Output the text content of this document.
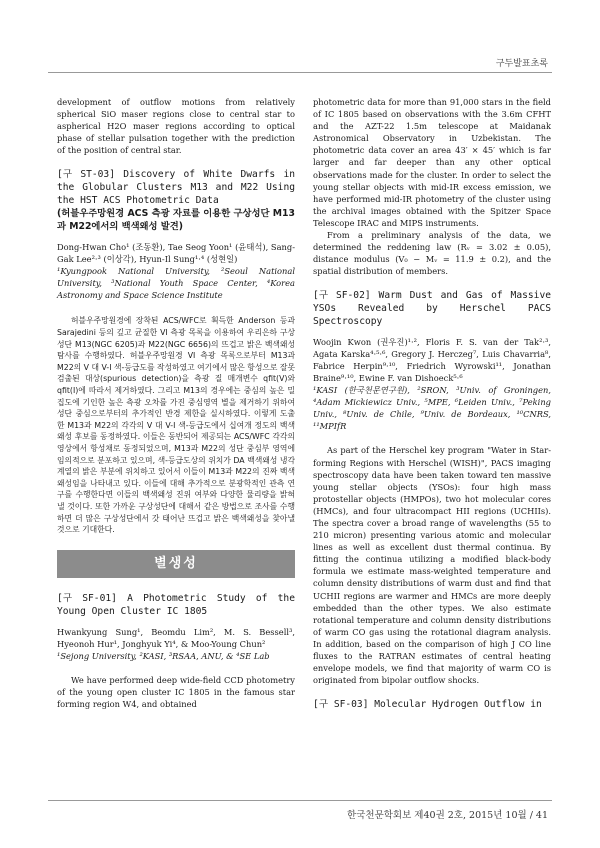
구두발표초록

development of outflow motions from relatively spherical SiO maser regions close to central star to aspherical H2O maser regions according to optical phase of stellar pulsation together with the prediction of the position of central star.

[구 ST-03] Discovery of White Dwarfs in the Globular Clusters M13 and M22 Using the HST ACS Photometric Data

(허블우주망원경 ACS 측광 자료를 이용한 구상성단 M13과 M22에서의 백색왜성 발견)

Dong-Hwan Cho¹ (조동환), Tae Seog Yoon¹ (윤태석), Sang-Gak Lee²·³ (이상각), Hyun-Il Sung¹·⁴ (성현일)

¹Kyungpook National University, ²Seoul National University, ³National Youth Space Center, ⁴Korea Astronomy and Space Science Institute

허블우주망원경에 장착된 ACS/WFC로 획득한 Anderson 등과 Sarajedini 등의 깊고 균질한 VI 측광 목록을 이용하여 우리은하 구상성단 M13(NGC 6205)과 M22(NGC 6656)의 뜨겁고 밝은 백색왜성 탐사를 수행하였다. 허블우주망원경 VI 측광 목록으로부터 M13과 M22의 V 대 V-I 색-등급도를 작성하였고 여기에서 많은 항성으로 잘못 검출된 대상(spurious detection)을 측광 질 매개변수 qfit(V)와 qfit(I)에 따라서 제거하였다. 그리고 M13의 경우에는 중심의 높은 밀집도에 기인한 높은 측광 오차를 가진 중심영역 별을 제거하기 위하여 성단 중심으로부터의 추가적인 반경 제한을 실시하였다. 이렇게 도출한 M13과 M22의 각각의 V 대 V-I 색-등급도에서 십여개 정도의 백색왜성 후보를 동정하였다. 이들은 동반되어 제공되는 ACS/WFC 각각의 영상에서 항성채로 동정되었으며, M13과 M22의 성단 중심부 영역에 임의적으로 분포하고 있으며, 색-등급도상의 위치가 DA 백색왜성 냉각계열의 밝은 부분에 위치하고 있어서 이들이 M13과 M22의 진짜 백색왜성임을 나타내고 있다. 이들에 대해 추가적으로 분광학적인 관측 연구를 수행한다면 이들의 백색왜성 진위 여부와 다양한 물리량을 밝혀낼 것이다. 또한 가까운 구상성단에 대해서 같은 방법으로 조사를 수행하면 더 많은 구상성단에서 갓 태어난 뜨겁고 밝은 백색왜성을 찾아낼 것으로 기대한다.

별생성

[구 SF-01] A Photometric Study of the Young Open Cluster IC 1805

Hwankyung Sung¹, Beomdu Lim², M. S. Bessell³, Hyeonoh Hur¹, Jonghyuk Yi⁴, & Moo-Young Chun²

¹Sejong University, ²KASI, ³RSAA, ANU, & ⁴SE Lab

We have performed deep wide-field CCD photometry of the young open cluster IC 1805 in the famous star forming region W4, and obtained

photometric data for more than 91,000 stars in the field of IC 1805 based on observations with the 3.6m CFHT and the AZT-22 1.5m telescope at Maidanak Astronomical Observatory in Uzbekistan. The photometric data cover an area 43′ × 45′ which is far larger and far deeper than any other optical observations made for the cluster. In order to select the young stellar objects with mid-IR excess emission, we have performed mid-IR photometry of the cluster using the archival images obtained with the Spitzer Space Telescope IRAC and MIPS instruments.

From a preliminary analysis of the data, we determined the reddening law (Rᵥ = 3.02 ± 0.05), distance modulus (V₀ − Mᵥ = 11.9 ± 0.2), and the spatial distribution of members.

[구 SF-02] Warm Dust and Gas of Massive YSOs Revealed by Herschel PACS Spectroscopy

Woojin Kwon (권우진)¹·², Floris F. S. van der Tak²·³, Agata Karska⁴·⁵·⁶, Gregory J. Herczeg⁷, Luis Chavarria⁸, Fabrice Herpin⁹·¹⁰, Friedrich Wyrowski¹¹, Jonathan Braine⁹·¹⁰, Ewine F. van Dishoeck⁵·⁶

¹KASI (한국천문연구원), ²SRON, ³Univ. of Groningen, ⁴Adam Mickiewicz Univ., ⁵MPE, ⁶Leiden Univ., ⁷Peking Univ., ⁸Univ. de Chile, ⁹Univ. de Bordeaux, ¹⁰CNRS, ¹¹MPIfR

As part of the Herschel key program "Water in Star-forming Regions with Herschel (WISH)", PACS imaging spectroscopy data have been taken toward ten massive young stellar objects (YSOs): four high mass protostellar objects (HMPOs), two hot molecular cores (HMCs), and four ultracompact HII regions (UCHIIs). The spectra cover a broad range of wavelengths (55 to 210 micron) presenting various atomic and molecular lines as well as excellent dust thermal continua. By fitting the continua utilizing a modified black-body formula we estimate mass-weighted temperature and column density distributions of warm dust and find that UCHII regions are warmer and HMCs are more deeply embedded than the other types. We also estimate rotational temperature and column density distributions of warm CO gas using the rotational diagram analysis. In addition, based on the comparison of high J CO line fluxes to the RATRAN estimates of central heating envelope models, we find that majority of warm CO is originated from bipolar outflow shocks.

[구 SF-03] Molecular Hydrogen Outflow in

한국천문학회보 제40권 2호, 2015년 10월 / 41
